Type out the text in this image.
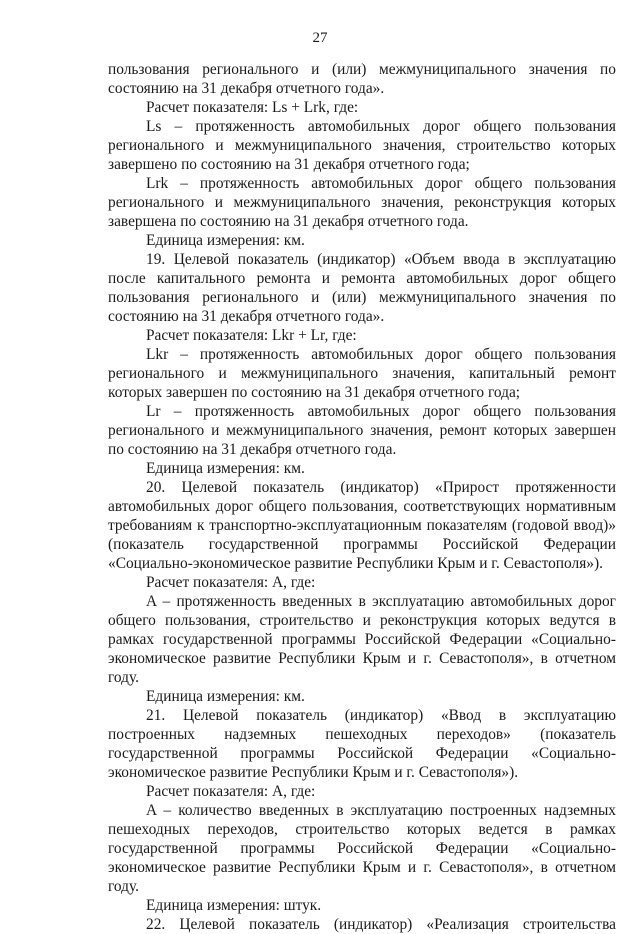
27

пользования регионального и (или) межмуниципального значения по состоянию на 31 декабря отчетного года».

Расчет показателя: Ls + Lrk, где:

Ls – протяженность автомобильных дорог общего пользования регионального и межмуниципального значения, строительство которых завершено по состоянию на 31 декабря отчетного года;

Lrk – протяженность автомобильных дорог общего пользования регионального и межмуниципального значения, реконструкция которых завершена по состоянию на 31 декабря отчетного года.

Единица измерения: км.

19. Целевой показатель (индикатор) «Объем ввода в эксплуатацию после капитального ремонта и ремонта автомобильных дорог общего пользования регионального и (или) межмуниципального значения по состоянию на 31 декабря отчетного года».

Расчет показателя: Lkr + Lr, где:

Lkr – протяженность автомобильных дорог общего пользования регионального и межмуниципального значения, капитальный ремонт которых завершен по состоянию на 31 декабря отчетного года;

Lr – протяженность автомобильных дорог общего пользования регионального и межмуниципального значения, ремонт которых завершен по состоянию на 31 декабря отчетного года.

Единица измерения: км.

20. Целевой показатель (индикатор) «Прирост протяженности автомобильных дорог общего пользования, соответствующих нормативным требованиям к транспортно-эксплуатационным показателям (годовой ввод)» (показатель государственной программы Российской Федерации «Социально-экономическое развитие Республики Крым и г. Севастополя»).

Расчет показателя: A, где:

A – протяженность введенных в эксплуатацию автомобильных дорог общего пользования, строительство и реконструкция которых ведутся в рамках государственной программы Российской Федерации «Социально-экономическое развитие Республики Крым и г. Севастополя», в отчетном году.

Единица измерения: км.

21. Целевой показатель (индикатор) «Ввод в эксплуатацию построенных надземных пешеходных переходов» (показатель государственной программы Российской Федерации «Социально-экономическое развитие Республики Крым и г. Севастополя»).

Расчет показателя: A, где:

A – количество введенных в эксплуатацию построенных надземных пешеходных переходов, строительство которых ведется в рамках государственной программы Российской Федерации «Социально-экономическое развитие Республики Крым и г. Севастополя», в отчетном году.

Единица измерения: штук.

22. Целевой показатель (индикатор) «Реализация строительства
